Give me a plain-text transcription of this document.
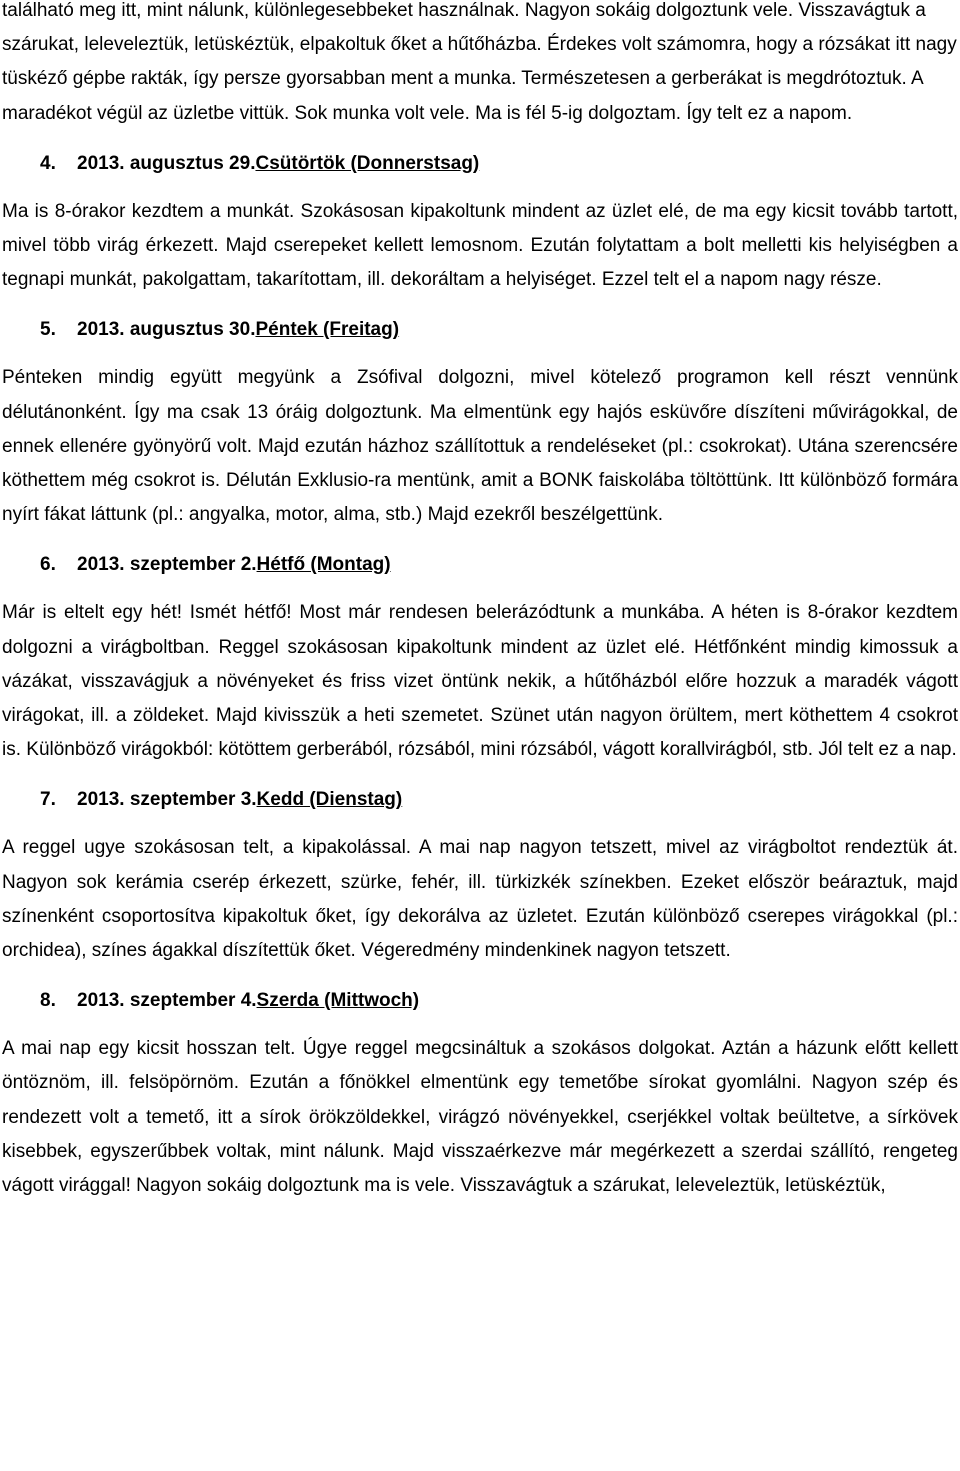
található meg itt, mint nálunk, különlegesebbeket használnak. Nagyon sokáig dolgoztunk vele. Visszavágtuk a szárukat, leleveleztük, letüskéztük, elpakoltuk őket a hűtőházba. Érdekes volt számomra, hogy a rózsákat itt nagy tüskéző gépbe rakták, így persze gyorsabban ment a munka. Természetesen a gerberákat is megdrótoztuk. A maradékot végül az üzletbe vittük. Sok munka volt vele. Ma is fél 5-ig dolgoztam. Így telt ez a napom.

4.	2013. augusztus 29. Csütörtök (Donnerstsag)

Ma is 8-órakor kezdtem a munkát. Szokásosan kipakoltunk mindent az üzlet elé, de ma egy kicsit tovább tartott, mivel több virág érkezett. Majd cserepeket kellett lemosnom. Ezután folytattam a bolt melletti kis helyiségben a tegnapi munkát, pakolgattam, takarítottam, ill. dekoráltam a helyiséget. Ezzel telt el a napom nagy része.

5.	2013. augusztus 30. Péntek (Freitag)

Pénteken mindig együtt megyünk a Zsófival dolgozni, mivel kötelező programon kell részt vennünk délutánonként. Így ma csak 13 óráig dolgoztunk. Ma elmentünk egy hajós esküvőre díszíteni művirágokkal, de ennek ellenére gyönyörű volt. Majd ezután házhoz szállítottuk a rendeléseket (pl.: csokrokat). Utána szerencsére köthettem még csokrot is. Délután Exklusio-ra mentünk, amit a BONK faiskolába töltöttünk. Itt különböző formára nyírt fákat láttunk (pl.: angyalka, motor, alma, stb.) Majd ezekről beszélgettünk.

6.	2013. szeptember 2. Hétfő (Montag)

Már is eltelt egy hét! Ismét hétfő! Most már rendesen belerázódtunk a munkába. A héten is 8-órakor kezdtem dolgozni a virágboltban. Reggel szokásosan kipakoltunk mindent az üzlet elé. Hétfőnként mindig kimossuk a vázákat, visszavágjuk a növényeket és friss vizet öntünk nekik, a hűtőházból előre hozzuk a maradék vágott virágokat, ill. a zöldeket. Majd kivisszük a heti szemetet. Szünet után nagyon örültem, mert köthettem 4 csokrot is. Különböző virágokból: kötöttem gerberából, rózsából, mini rózsából, vágott korallvirágból, stb. Jól telt ez a nap.

7.	2013. szeptember 3. Kedd (Dienstag)

A reggel ugye szokásosan telt, a kipakolással. A mai nap nagyon tetszett, mivel az virágboltot rendeztük át. Nagyon sok kerámia cserép érkezett, szürke, fehér, ill. türkizkék színekben. Ezeket először beáraztuk, majd színenként csoportosítva kipakoltuk őket, így dekorálva az üzletet. Ezután különböző cserepes virágokkal (pl.: orchidea), színes ágakkal díszítettük őket. Végeredmény mindenkinek nagyon tetszett.

8.	2013. szeptember 4. Szerda (Mittwoch)

A mai nap egy kicsit hosszan telt. Úgye reggel megcsináltuk a szokásos dolgokat. Aztán a házunk előtt kellett öntöznöm, ill. felsöpörnöm. Ezután a főnökkel elmentünk egy temetőbe sírokat gyomlálni. Nagyon szép és rendezett volt a temető, itt a sírok örökzöldekkel, virágzó növényekkel, cserjékkel voltak beültetve, a sírkövek kisebbek, egyszerűbbek voltak, mint nálunk. Majd visszaérkezve már megérkezett a szerdai szállító, rengeteg vágott virággal! Nagyon sokáig dolgoztunk ma is vele. Visszavágtuk a szárukat, leleveleztük, letüskéztük,
